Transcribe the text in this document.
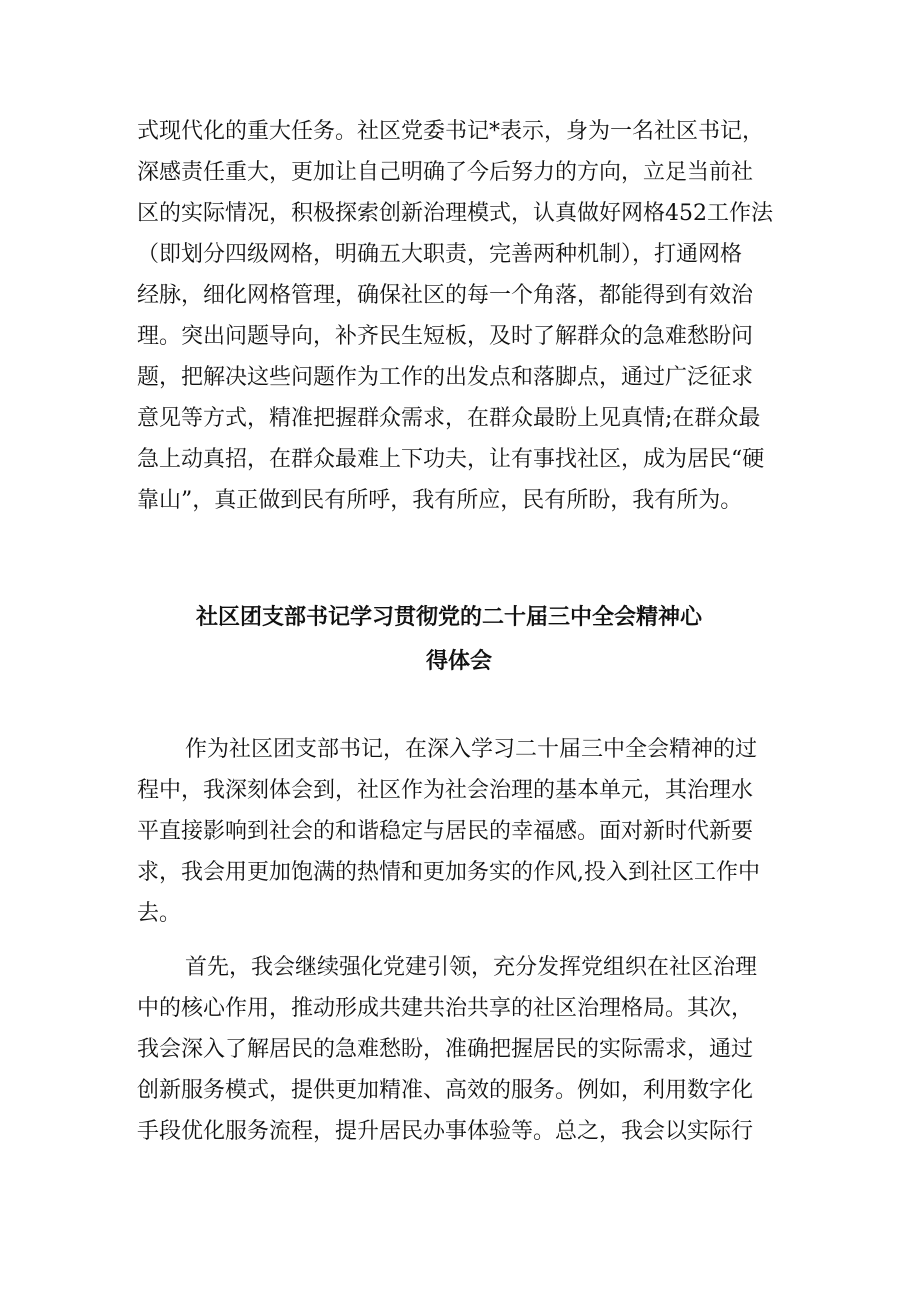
式现代化的重大任务。社区党委书记*表示，身为一名社区书记，
深感责任重大，更加让自己明确了今后努力的方向，立足当前社
区的实际情况，积极探索创新治理模式，认真做好网格452工作法
（即划分四级网格，明确五大职责，完善两种机制），打通网格
经脉，细化网格管理，确保社区的每一个角落，都能得到有效治
理。突出问题导向，补齐民生短板，及时了解群众的急难愁盼问
题，把解决这些问题作为工作的出发点和落脚点，通过广泛征求
意见等方式，精准把握群众需求，在群众最盼上见真情;在群众最
急上动真招，在群众最难上下功夫，让有事找社区，成为居民“硬
靠山”，真正做到民有所呼，我有所应，民有所盼，我有所为。
社区团支部书记学习贯彻党的二十届三中全会精神心
得体会
作为社区团支部书记，在深入学习二十届三中全会精神的过
程中，我深刻体会到，社区作为社会治理的基本单元，其治理水
平直接影响到社会的和谐稳定与居民的幸福感。面对新时代新要
求，我会用更加饱满的热情和更加务实的作风,投入到社区工作中
去。
首先，我会继续强化党建引领，充分发挥党组织在社区治理
中的核心作用，推动形成共建共治共享的社区治理格局。其次，
我会深入了解居民的急难愁盼，准确把握居民的实际需求，通过
创新服务模式，提供更加精准、高效的服务。例如，利用数字化
手段优化服务流程，提升居民办事体验等。总之，我会以实际行
